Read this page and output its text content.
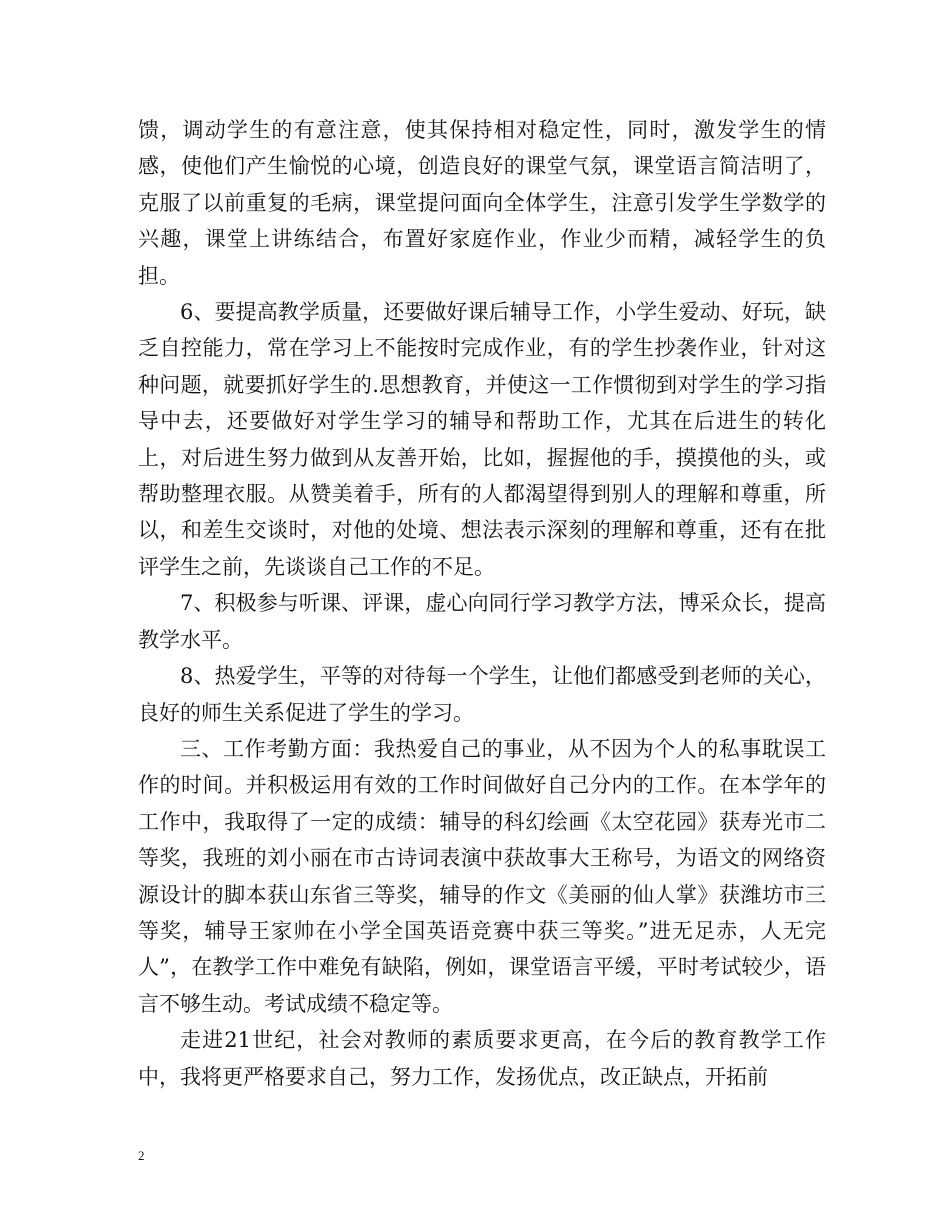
馈，调动学生的有意注意，使其保持相对稳定性，同时，激发学生的情感，使他们产生愉悦的心境，创造良好的课堂气氛，课堂语言简洁明了，克服了以前重复的毛病，课堂提问面向全体学生，注意引发学生学数学的兴趣，课堂上讲练结合，布置好家庭作业，作业少而精，减轻学生的负担。

6、要提高教学质量，还要做好课后辅导工作，小学生爱动、好玩，缺乏自控能力，常在学习上不能按时完成作业，有的学生抄袭作业，针对这种问题，就要抓好学生的.思想教育，并使这一工作惯彻到对学生的学习指导中去，还要做好对学生学习的辅导和帮助工作，尤其在后进生的转化上，对后进生努力做到从友善开始，比如，握握他的手，摸摸他的头，或帮助整理衣服。从赞美着手，所有的人都渴望得到别人的理解和尊重，所以，和差生交谈时，对他的处境、想法表示深刻的理解和尊重，还有在批评学生之前，先谈谈自己工作的不足。

7、积极参与听课、评课，虚心向同行学习教学方法，博采众长，提高教学水平。

8、热爱学生，平等的对待每一个学生，让他们都感受到老师的关心，良好的师生关系促进了学生的学习。

三、工作考勤方面：我热爱自己的事业，从不因为个人的私事耽误工作的时间。并积极运用有效的工作时间做好自己分内的工作。在本学年的工作中，我取得了一定的成绩：辅导的科幻绘画《太空花园》获寿光市二等奖，我班的刘小丽在市古诗词表演中获故事大王称号，为语文的网络资源设计的脚本获山东省三等奖，辅导的作文《美丽的仙人掌》获潍坊市三等奖，辅导王家帅在小学全国英语竞赛中获三等奖。”进无足赤，人无完人”，在教学工作中难免有缺陷，例如，课堂语言平缓，平时考试较少，语言不够生动。考试成绩不稳定等。

走进21世纪，社会对教师的素质要求更高，在今后的教育教学工作中，我将更严格要求自己，努力工作，发扬优点，改正缺点，开拓前

2
